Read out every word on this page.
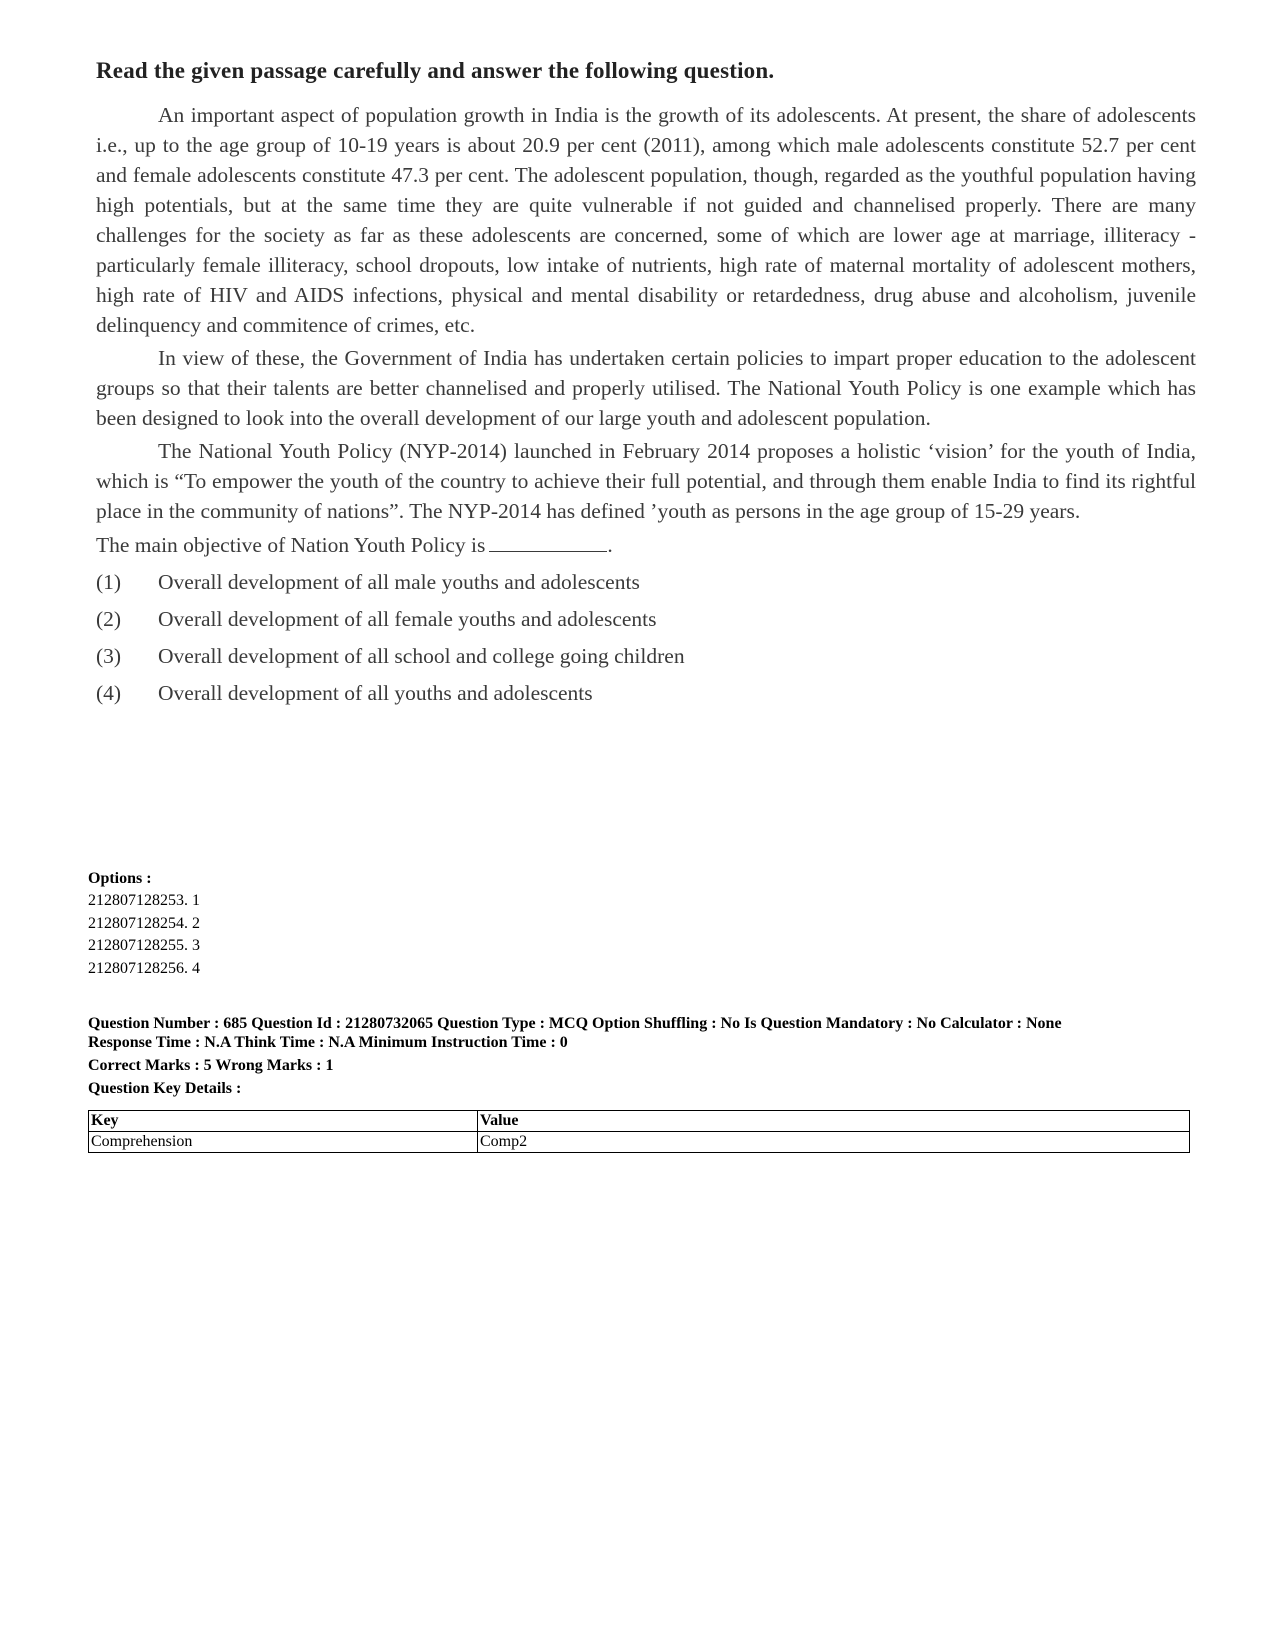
Read the given passage carefully and answer the following question.

An important aspect of population growth in India is the growth of its adolescents. At present, the share of adolescents i.e., up to the age group of 10-19 years is about 20.9 per cent (2011), among which male adolescents constitute 52.7 per cent and female adolescents constitute 47.3 per cent. The adolescent population, though, regarded as the youthful population having high potentials, but at the same time they are quite vulnerable if not guided and channelised properly. There are many challenges for the society as far as these adolescents are concerned, some of which are lower age at marriage, illiteracy - particularly female illiteracy, school dropouts, low intake of nutrients, high rate of maternal mortality of adolescent mothers, high rate of HIV and AIDS infections, physical and mental disability or retardedness, drug abuse and alcoholism, juvenile delinquency and commitence of crimes, etc.

In view of these, the Government of India has undertaken certain policies to impart proper education to the adolescent groups so that their talents are better channelised and properly utilised. The National Youth Policy is one example which has been designed to look into the overall development of our large youth and adolescent population.

The National Youth Policy (NYP-2014) launched in February 2014 proposes a holistic ‘vision’ for the youth of India, which is “To empower the youth of the country to achieve their full potential, and through them enable India to find its rightful place in the community of nations”. The NYP-2014 has defined ’youth as persons in the age group of 15-29 years.

The main objective of Nation Youth Policy is	.
(1)	Overall development of all male youths and adolescents
(2)	Overall development of all female youths and adolescents
(3)	Overall development of all school and college going children
(4)	Overall development of all youths and adolescents
Options :
212807128253. 1
212807128254. 2
212807128255. 3
212807128256. 4
Question Number : 685 Question Id : 21280732065 Question Type : MCQ Option Shuffling : No Is Question Mandatory : No Calculator : None
Response Time : N.A Think Time : N.A Minimum Instruction Time : 0
Correct Marks : 5 Wrong Marks : 1
Question Key Details :
Key	Value
Comprehension	Comp2
